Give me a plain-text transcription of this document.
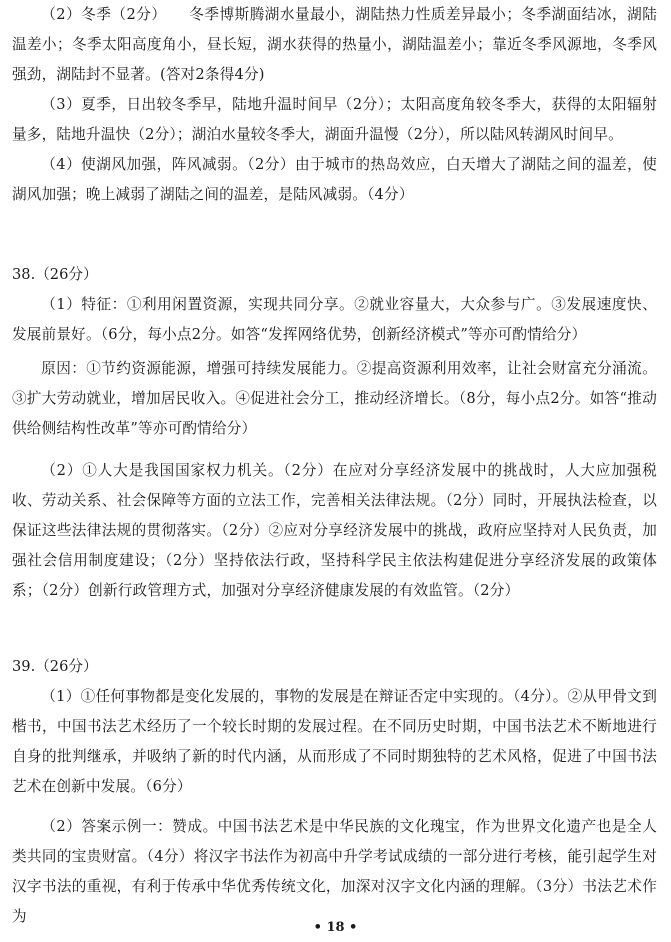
（2）冬季（2分）　　冬季博斯腾湖水量最小，湖陆热力性质差异最小；冬季湖面结冰，湖陆温差小；冬季太阳高度角小，昼长短，湖水获得的热量小，湖陆温差小；靠近冬季风源地，冬季风强劲，湖陆封不显著。(答对2条得4分)

（3）夏季，日出较冬季早，陆地升温时间早（2分）；太阳高度角较冬季大，获得的太阳辐射量多，陆地升温快（2分）；湖泊水量较冬季大，湖面升温慢（2分），所以陆风转湖风时间早。

（4）使湖风加强，阵风减弱。（2分）由于城市的热岛效应，白天增大了湖陆之间的温差，使湖风加强；晚上减弱了湖陆之间的温差，是陆风减弱。（4分）

38.（26分）

（1）特征：①利用闲置资源，实现共同分享。②就业容量大，大众参与广。③发展速度快、发展前景好。（6分，每小点2分。如答“发挥网络优势，创新经济模式”等亦可酌情给分）

原因：①节约资源能源，增强可持续发展能力。②提高资源利用效率，让社会财富充分涌流。③扩大劳动就业，增加居民收入。④促进社会分工，推动经济增长。（8分，每小点2分。如答“推动供给侧结构性改革”等亦可酌情给分）

（2）①人大是我国国家权力机关。（2分）在应对分享经济发展中的挑战时，人大应加强税收、劳动关系、社会保障等方面的立法工作，完善相关法律法规。（2分）同时，开展执法检查，以保证这些法律法规的贯彻落实。（2分）②应对分享经济发展中的挑战，政府应坚持对人民负责，加强社会信用制度建设；（2分）坚持依法行政，坚持科学民主依法构建促进分享经济发展的政策体系；（2分）创新行政管理方式，加强对分享经济健康发展的有效监管。（2分）

39.（26分）

（1）①任何事物都是变化发展的，事物的发展是在辩证否定中实现的。（4分）。②从甲骨文到楷书，中国书法艺术经历了一个较长时期的发展过程。在不同历史时期，中国书法艺术不断地进行自身的批判继承，并吸纳了新的时代内涵，从而形成了不同时期独特的艺术风格，促进了中国书法艺术在创新中发展。（6分）

（2）答案示例一：赞成。中国书法艺术是中华民族的文化瑰宝，作为世界文化遗产也是全人类共同的宝贵财富。（4分）将汉字书法作为初高中升学考试成绩的一部分进行考核，能引起学生对汉字书法的重视，有利于传承中华优秀传统文化，加深对汉字文化内涵的理解。（3分）书法艺术作为

• 18 •
